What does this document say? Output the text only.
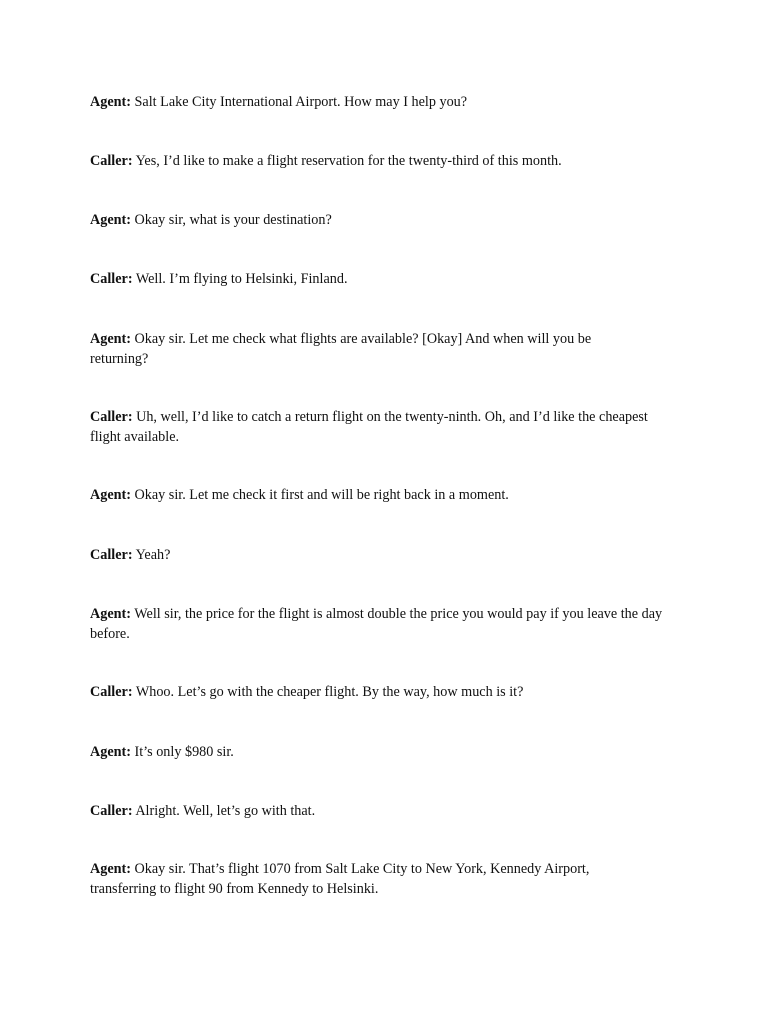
Agent: Salt Lake City International Airport. How may I help you?

Caller: Yes, I’d like to make a flight reservation for the twenty-third of this month.

Agent: Okay sir, what is your destination?

Caller: Well. I’m flying to Helsinki, Finland.

Agent: Okay sir. Let me check what flights are available? [Okay] And when will you be returning?

Caller: Uh, well, I’d like to catch a return flight on the twenty-ninth. Oh, and I’d like the cheapest flight available.

Agent: Okay sir. Let me check it first and will be right back in a moment.

Caller: Yeah?

Agent: Well sir, the price for the flight is almost double the price you would pay if you leave the day before.

Caller: Whoo. Let’s go with the cheaper flight. By the way, how much is it?

Agent: It’s only $980 sir.

Caller: Alright. Well, let’s go with that.

Agent: Okay sir. That’s flight 1070 from Salt Lake City to New York, Kennedy Airport, transferring to flight 90 from Kennedy to Helsinki.
